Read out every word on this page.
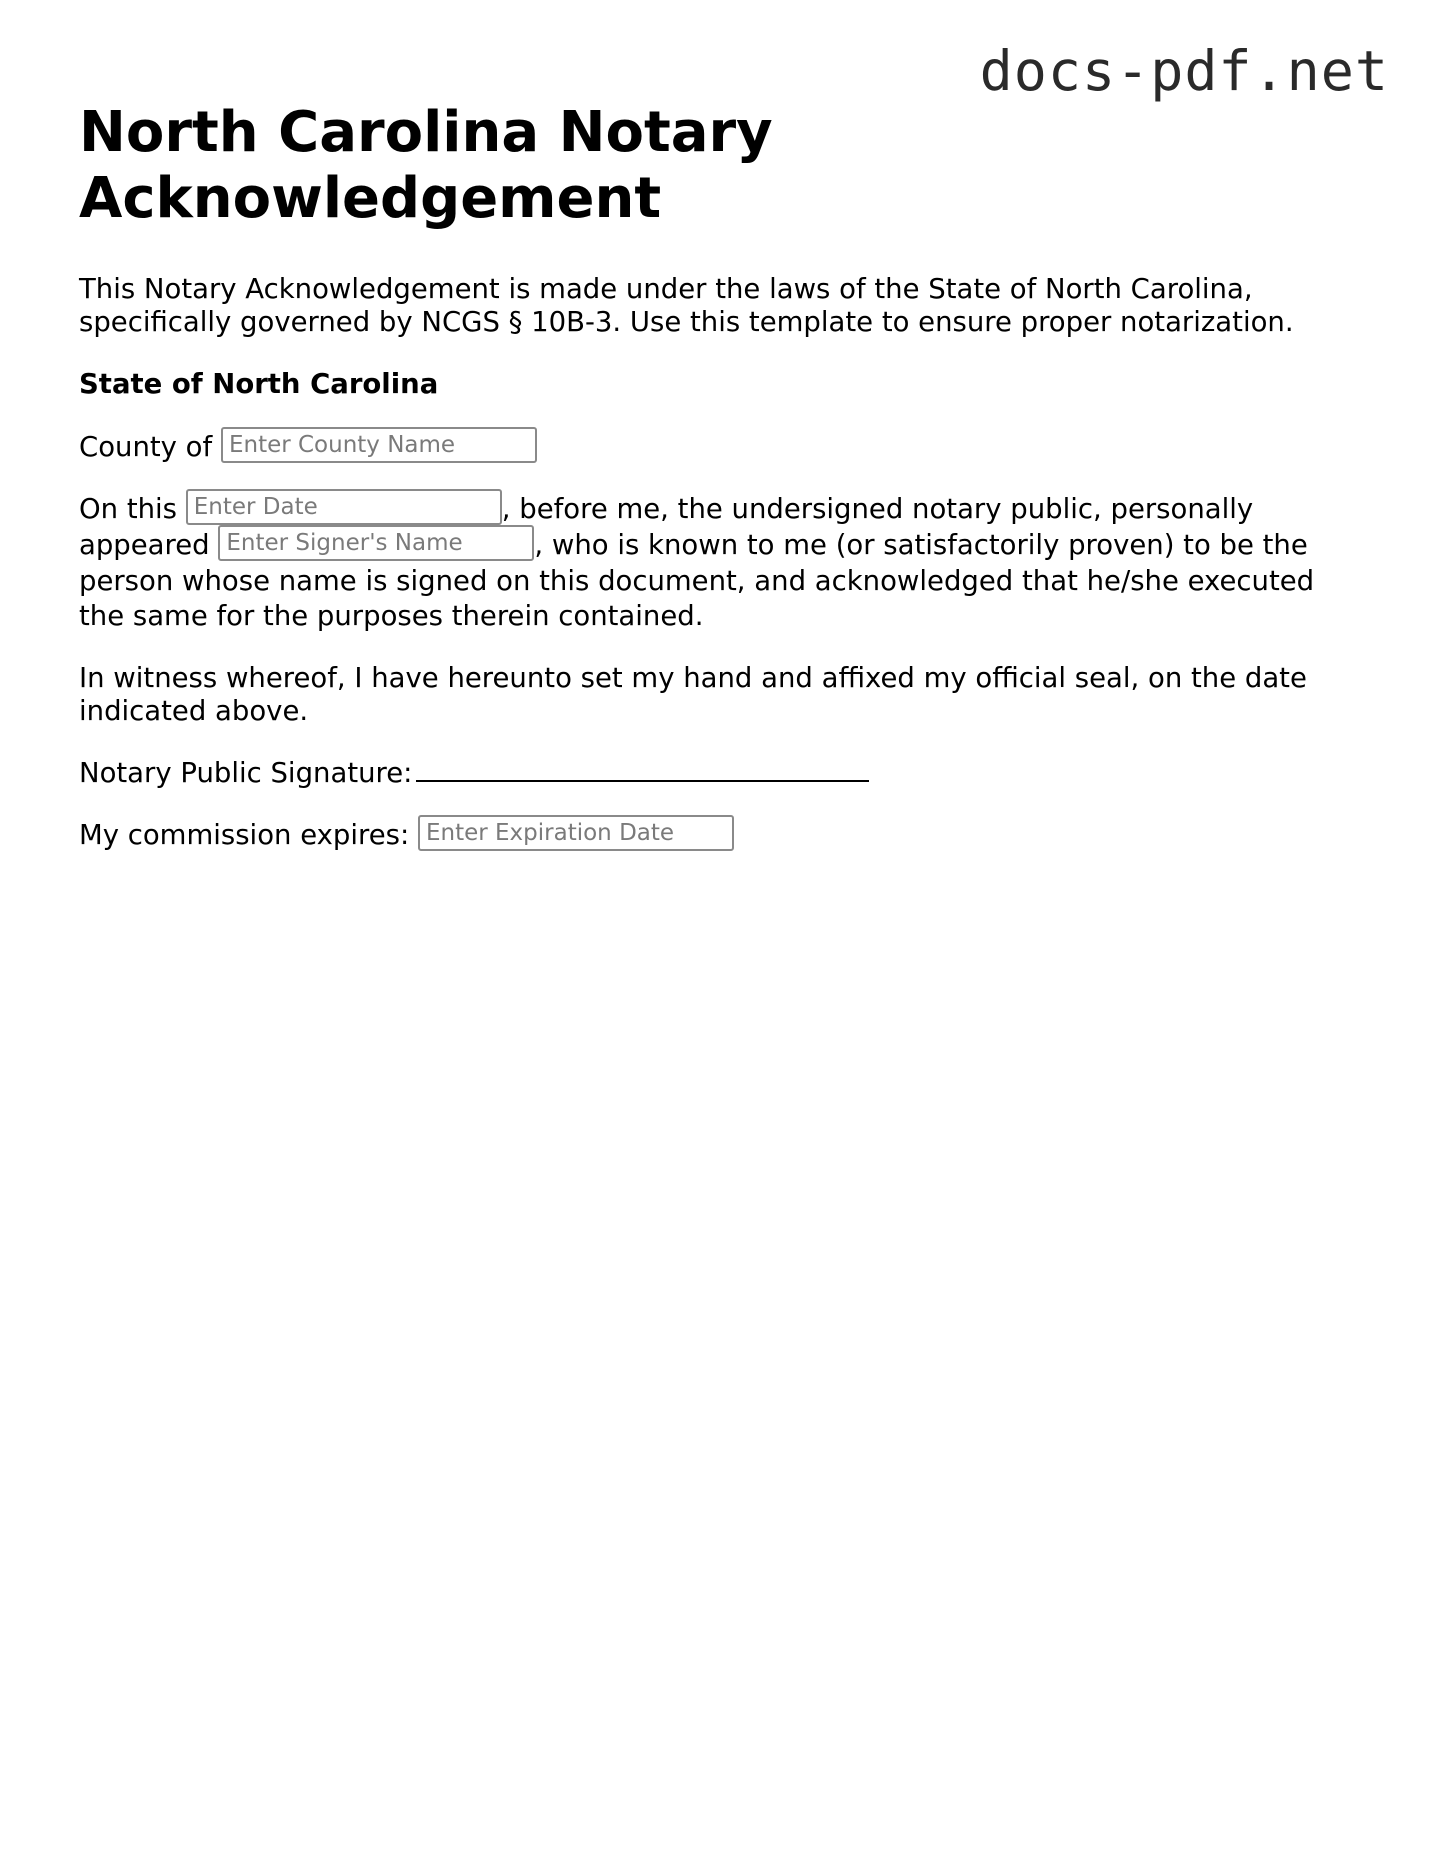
docs-pdf.net
North Carolina Notary Acknowledgement

This Notary Acknowledgement is made under the laws of the State of North Carolina, specifically governed by NCGS § 10B-3. Use this template to ensure proper notarization.

State of North Carolina

County of Enter County Name

On this Enter Date	, before me, the undersigned notary public, personally appeared Enter Signer's Name	, who is known to me (or satisfactorily proven) to be the person whose name is signed on this document, and acknowledged that he/she executed the same for the purposes therein contained.

In witness whereof, I have hereunto set my hand and affixed my official seal, on the date indicated above.

Notary Public Signature:

My commission expires: Enter Expiration Date
